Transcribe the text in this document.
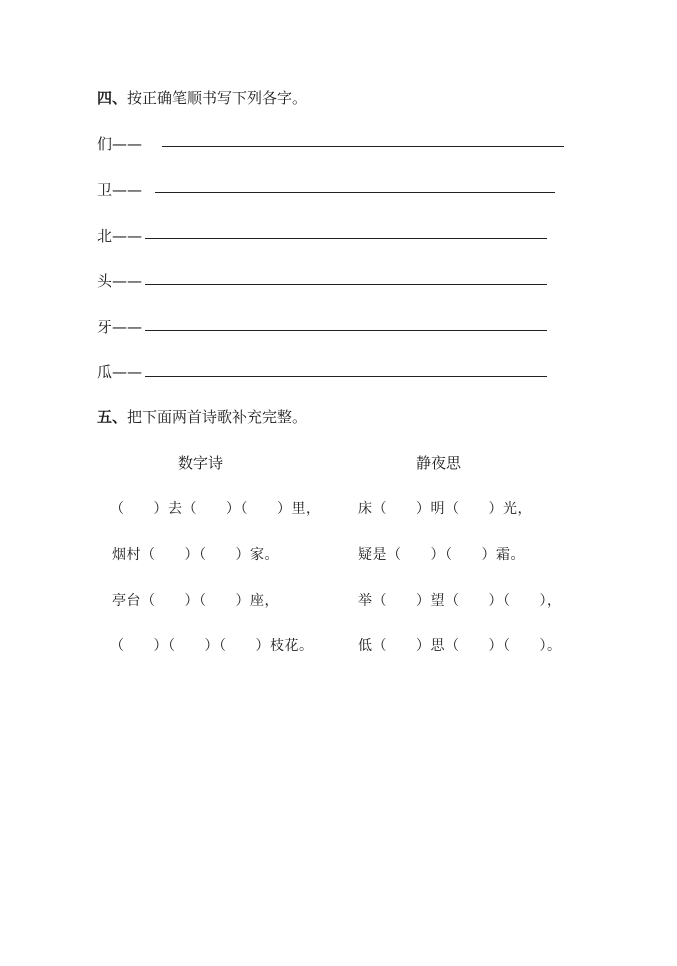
四、按正确笔顺书写下列各字。
们——
卫——
北——
头——
牙——
瓜——
五、把下面两首诗歌补充完整。
数字诗	静夜思
（　　）去（　　）（　　）里，
烟村（　　）（　　）家。
亭台（　　）（　　）座，
（　　）（　　）（　　）枝花。
床（　　）明（　　）光，
疑是（　　）（　　）霜。
举（　　）望（　　）（　　），
低（　　）思（　　）（　　）。
